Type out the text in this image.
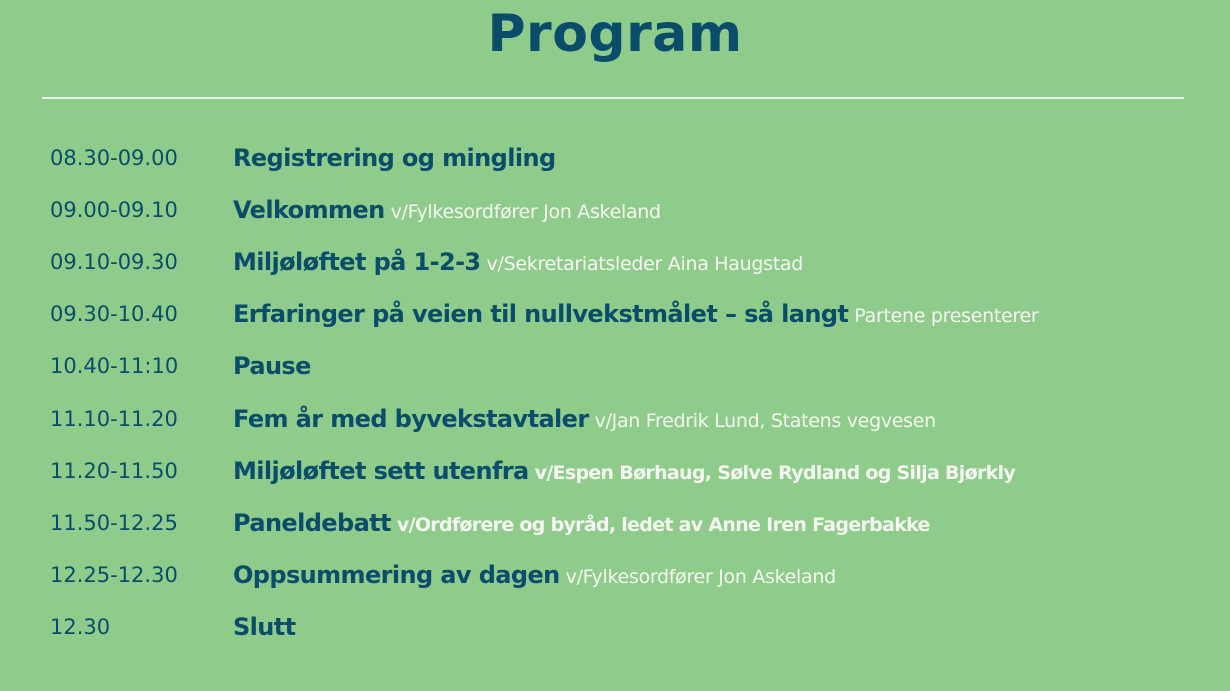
Program
08.30-09.00	Registrering og mingling
09.00-09.10	Velkommen v/Fylkesordfører Jon Askeland
09.10-09.30	Miljøløftet på 1-2-3 v/Sekretariatsleder Aina Haugstad
09.30-10.40	Erfaringer på veien til nullvekstmålet – så langt Partene presenterer
10.40-11:10	Pause
11.10-11.20	Fem år med byvekstavtaler v/Jan Fredrik Lund, Statens vegvesen
11.20-11.50	Miljøløftet sett utenfra v/Espen Børhaug, Sølve Rydland og Silja Bjørkly
11.50-12.25	Paneldebatt v/Ordførere og byråd, ledet av Anne Iren Fagerbakke
12.25-12.30	Oppsummering av dagen v/Fylkesordfører Jon Askeland
12.30	Slutt
